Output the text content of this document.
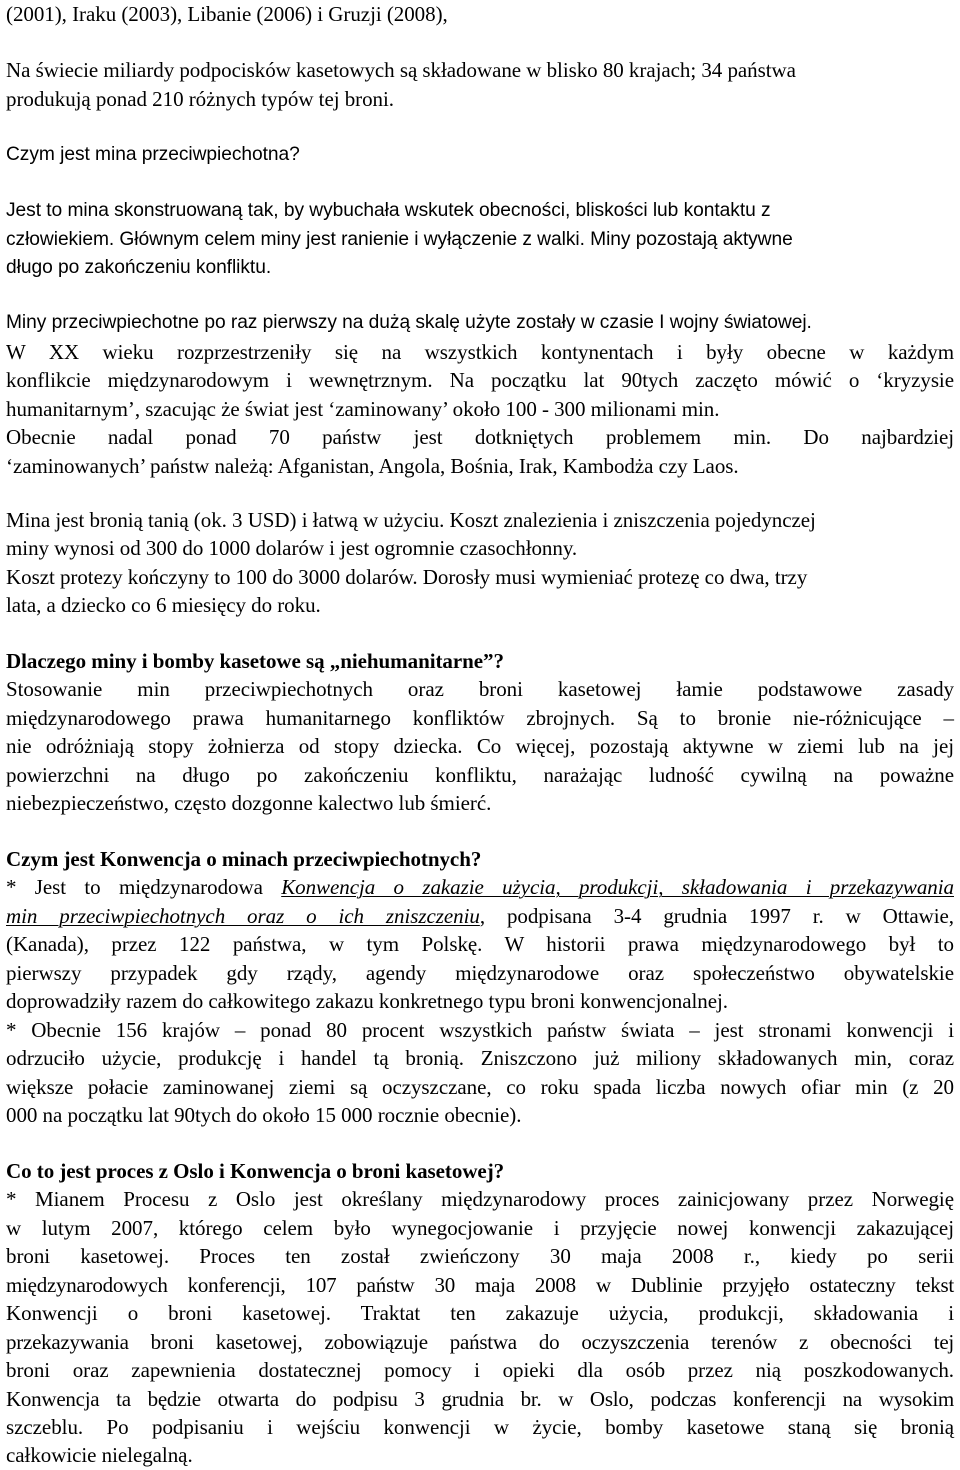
(2001), Iraku (2003), Libanie (2006) i Gruzji (2008),
Na świecie miliardy podpocisków kasetowych są składowane w blisko 80 krajach; 34 państwa
produkują ponad 210 różnych typów tej broni.
Czym jest mina przeciwpiechotna?
Jest to mina skonstruowaną tak, by wybuchała wskutek obecności, bliskości lub kontaktu z
człowiekiem. Głównym celem miny jest ranienie i wyłączenie z walki. Miny pozostają aktywne
długo po zakończeniu konfliktu.
Miny przeciwpiechotne po raz pierwszy na dużą skalę użyte zostały w czasie I wojny światowej.
W XX wieku rozprzestrzeniły się na wszystkich kontynentach i były obecne w każdym
konflikcie międzynarodowym i wewnętrznym. Na początku lat 90tych zaczęto mówić o ‘kryzysie
humanitarnym’, szacując że świat jest ‘zaminowany’ około 100 - 300 milionami min.
Obecnie nadal ponad 70 państw jest dotkniętych problemem min. Do najbardziej
‘zaminowanych’ państw należą: Afganistan, Angola, Bośnia, Irak, Kambodża czy Laos.
Mina jest bronią tanią (ok. 3 USD) i łatwą w użyciu. Koszt znalezienia i zniszczenia pojedynczej
miny wynosi od 300 do 1000 dolarów i jest ogromnie czasochłonny.
Koszt protezy kończyny to 100 do 3000 dolarów. Dorosły musi wymieniać protezę co dwa, trzy
lata, a dziecko co 6 miesięcy do roku.
Dlaczego miny i bomby kasetowe są „niehumanitarne”?
Stosowanie min przeciwpiechotnych oraz broni kasetowej łamie podstawowe zasady
międzynarodowego prawa humanitarnego konfliktów zbrojnych. Są to bronie nie-różnicujące –
nie odróżniają stopy żołnierza od stopy dziecka. Co więcej, pozostają aktywne w ziemi lub na jej
powierzchni na długo po zakończeniu konfliktu, narażając ludność cywilną na poważne
niebezpieczeństwo, często dozgonne kalectwo lub śmierć.
Czym jest Konwencja o minach przeciwpiechotnych?
* Jest to międzynarodowa Konwencja o zakazie użycia, produkcji, składowania i przekazywania
min przeciwpiechotnych oraz o ich zniszczeniu, podpisana 3-4 grudnia 1997 r. w Ottawie,
(Kanada), przez 122 państwa, w tym Polskę. W historii prawa międzynarodowego był to
pierwszy przypadek gdy rządy, agendy międzynarodowe oraz społeczeństwo obywatelskie
doprowadziły razem do całkowitego zakazu konkretnego typu broni konwencjonalnej.
* Obecnie 156 krajów – ponad 80 procent wszystkich państw świata – jest stronami konwencji i
odrzuciło użycie, produkcję i handel tą bronią. Zniszczono już miliony składowanych min, coraz
większe połacie zaminowanej ziemi są oczyszczane, co roku spada liczba nowych ofiar min (z 20
000 na początku lat 90tych do około 15 000 rocznie obecnie).
Co to jest proces z Oslo i Konwencja o broni kasetowej?
* Mianem Procesu z Oslo jest określany międzynarodowy proces zainicjowany przez Norwegię
w lutym 2007, którego celem było wynegocjowanie i przyjęcie nowej konwencji zakazującej
broni kasetowej. Proces ten został zwieńczony 30 maja 2008 r., kiedy po serii
międzynarodowych konferencji, 107 państw 30 maja 2008 w Dublinie przyjęło ostateczny tekst
Konwencji o broni kasetowej. Traktat ten zakazuje użycia, produkcji, składowania i
przekazywania broni kasetowej, zobowiązuje państwa do oczyszczenia terenów z obecności tej
broni oraz zapewnienia dostatecznej pomocy i opieki dla osób przez nią poszkodowanych.
Konwencja ta będzie otwarta do podpisu 3 grudnia br. w Oslo, podczas konferencji na wysokim
szczeblu. Po podpisaniu i wejściu konwencji w życie, bomby kasetowe staną się bronią
całkowicie nielegalną.
